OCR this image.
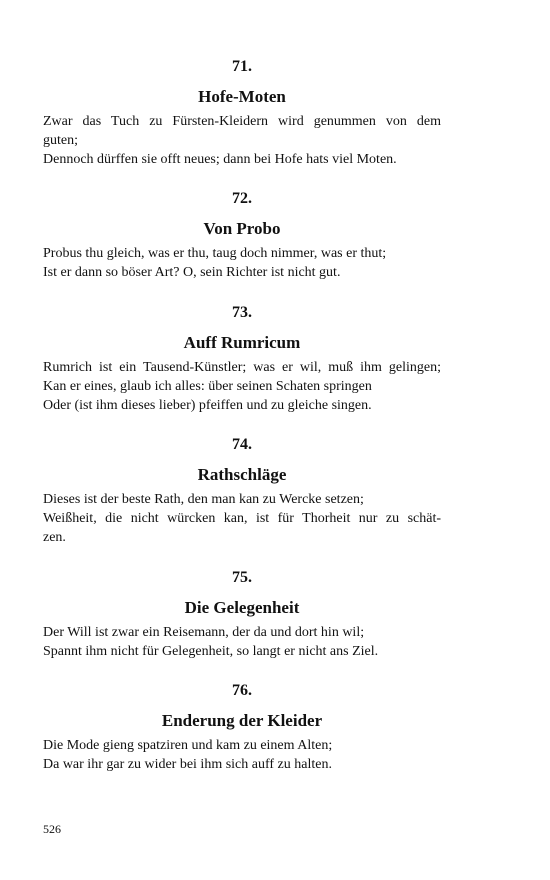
71.
Hofe-Moten
Zwar das Tuch zu Fürsten-Kleidern wird genummen von dem
guten;
Dennoch dürffen sie offt neues; dann bei Hofe hats viel Moten.
72.
Von Probo
Probus thu gleich, was er thu, taug doch nimmer, was er thut;
Ist er dann so böser Art? O, sein Richter ist nicht gut.
73.
Auff Rumricum
Rumrich ist ein Tausend-Künstler; was er wil, muß ihm gelingen;
Kan er eines, glaub ich alles: über seinen Schaten springen
Oder (ist ihm dieses lieber) pfeiffen und zu gleiche singen.
74.
Rathschläge
Dieses ist der beste Rath, den man kan zu Wercke setzen;
Weißheit, die nicht würcken kan, ist für Thorheit nur zu schät-
zen.
75.
Die Gelegenheit
Der Will ist zwar ein Reisemann, der da und dort hin wil;
Spannt ihm nicht für Gelegenheit, so langt er nicht ans Ziel.
76.
Enderung der Kleider
Die Mode gieng spatziren und kam zu einem Alten;
Da war ihr gar zu wider bei ihm sich auff zu halten.
526
